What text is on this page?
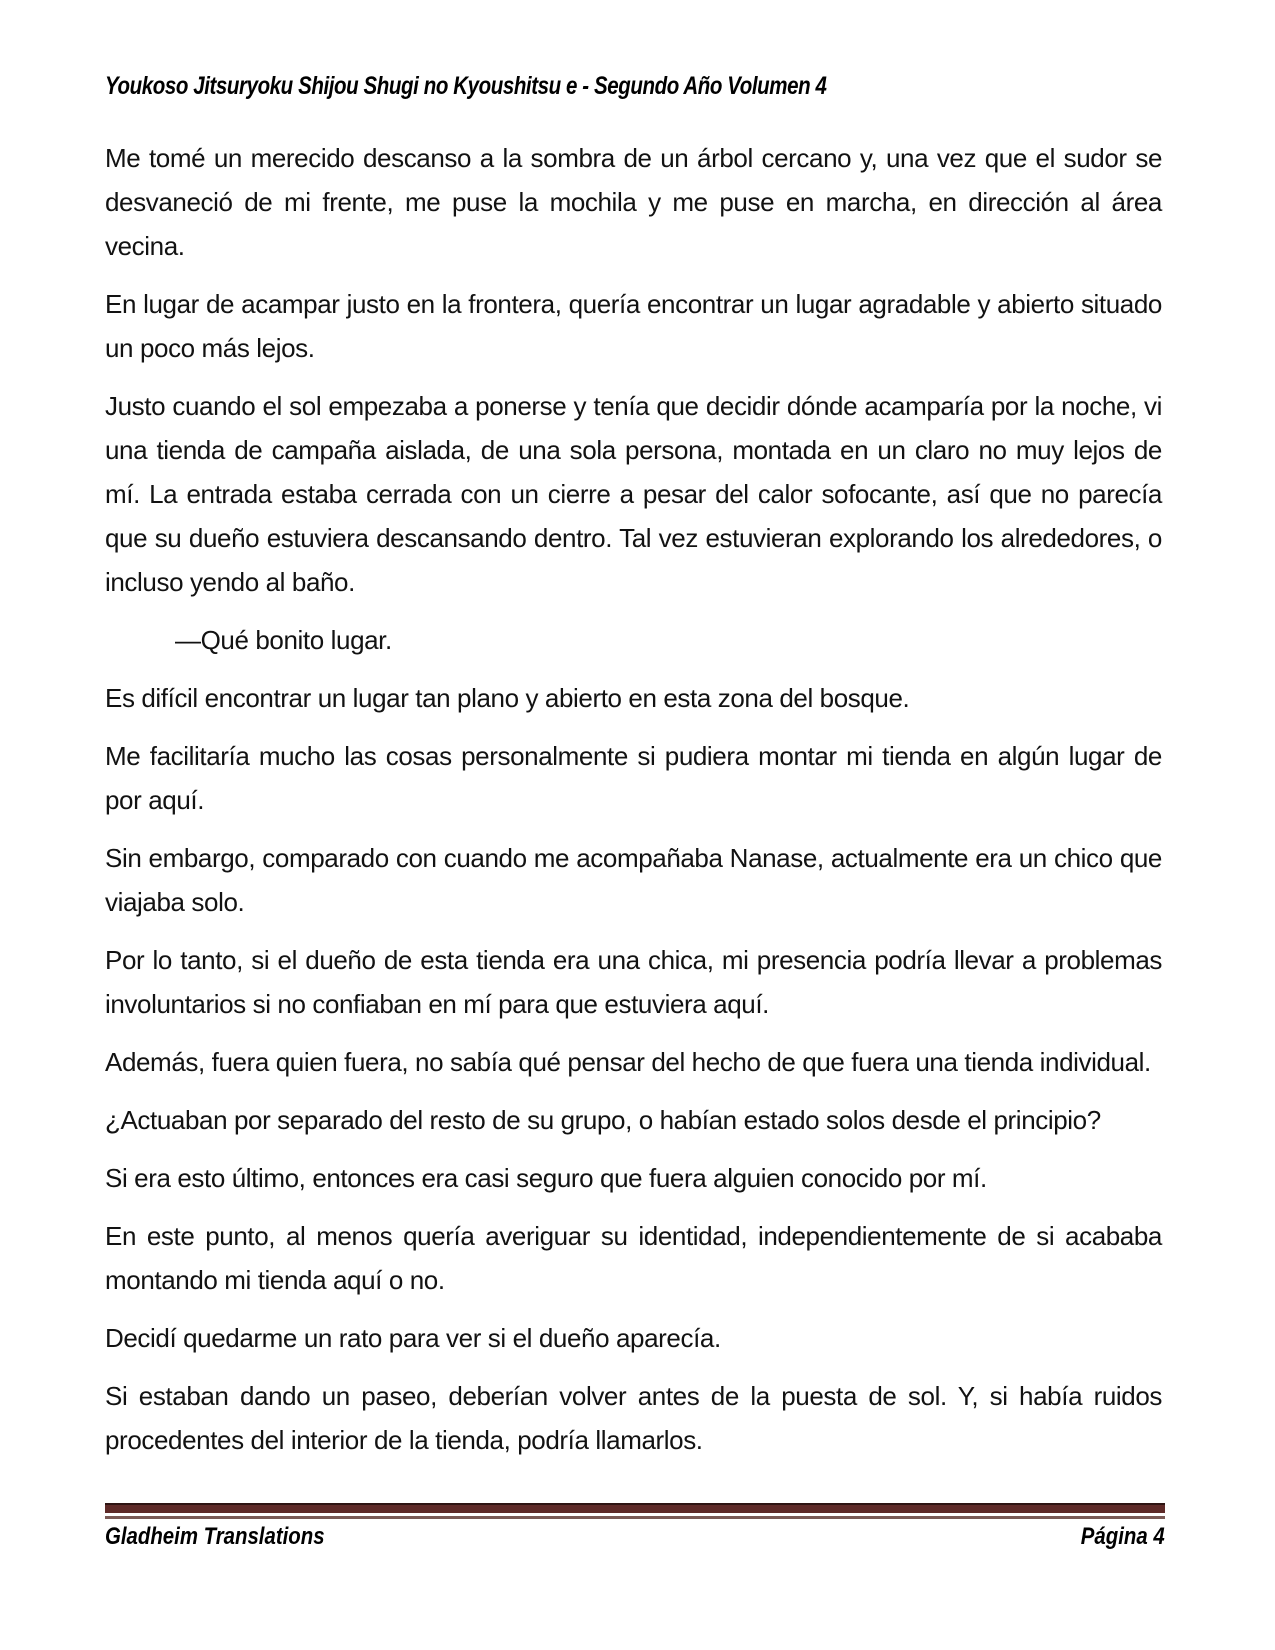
Youkoso Jitsuryoku Shijou Shugi no Kyoushitsu e - Segundo Año Volumen 4

Me tomé un merecido descanso a la sombra de un árbol cercano y, una vez que el sudor se desvaneció de mi frente, me puse la mochila y me puse en marcha, en dirección al área vecina.

En lugar de acampar justo en la frontera, quería encontrar un lugar agradable y abierto situado un poco más lejos.

Justo cuando el sol empezaba a ponerse y tenía que decidir dónde acamparía por la noche, vi una tienda de campaña aislada, de una sola persona, montada en un claro no muy lejos de mí. La entrada estaba cerrada con un cierre a pesar del calor sofocante, así que no parecía que su dueño estuviera descansando dentro. Tal vez estuvieran explorando los alrededores, o incluso yendo al baño.

—Qué bonito lugar.

Es difícil encontrar un lugar tan plano y abierto en esta zona del bosque.

Me facilitaría mucho las cosas personalmente si pudiera montar mi tienda en algún lugar de por aquí.

Sin embargo, comparado con cuando me acompañaba Nanase, actualmente era un chico que viajaba solo.

Por lo tanto, si el dueño de esta tienda era una chica, mi presencia podría llevar a problemas involuntarios si no confiaban en mí para que estuviera aquí.

Además, fuera quien fuera, no sabía qué pensar del hecho de que fuera una tienda individual.

¿Actuaban por separado del resto de su grupo, o habían estado solos desde el principio?

Si era esto último, entonces era casi seguro que fuera alguien conocido por mí.

En este punto, al menos quería averiguar su identidad, independientemente de si acababa montando mi tienda aquí o no.

Decidí quedarme un rato para ver si el dueño aparecía.

Si estaban dando un paseo, deberían volver antes de la puesta de sol. Y, si había ruidos procedentes del interior de la tienda, podría llamarlos.

Gladheim Translations	Página 4
